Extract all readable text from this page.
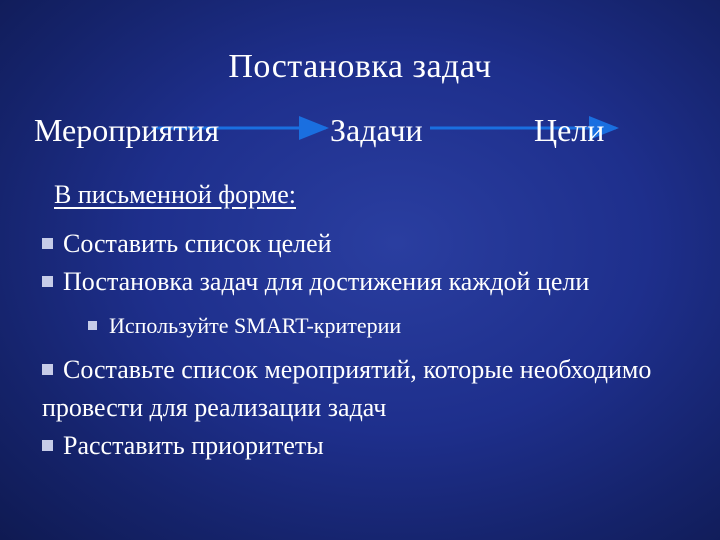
Постановка задач
Мероприятия	Задачи	Цели
В письменной форме:

Составить список целей

Постановка задач для достижения каждой цели

Используйте SMART-критерии

Составьте список мероприятий, которые необходимо провести для реализации задач

Расставить приоритеты
